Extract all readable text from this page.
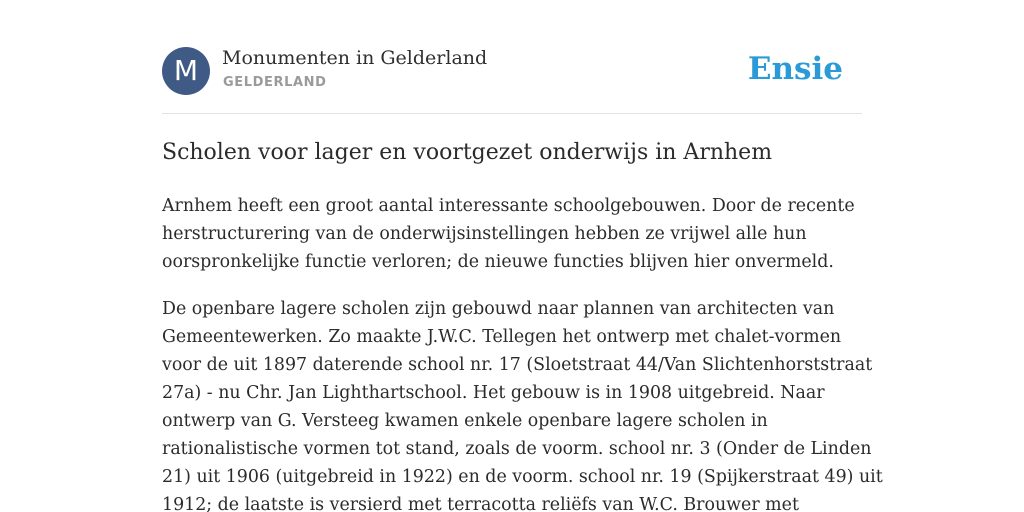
M	Monumenten in Gelderland
GELDERLAND	Ensie
Scholen voor lager en voortgezet onderwijs in Arnhem

Arnhem heeft een groot aantal interessante schoolgebouwen. Door de recente
herstructurering van de onderwijsinstellingen hebben ze vrijwel alle hun
oorspronkelijke functie verloren; de nieuwe functies blijven hier onvermeld.

De openbare lagere scholen zijn gebouwd naar plannen van architecten van
Gemeentewerken. Zo maakte J.W.C. Tellegen het ontwerp met chalet-vormen
voor de uit 1897 daterende school nr. 17 (Sloetstraat 44/Van Slichtenhorststraat
27a) - nu Chr. Jan Lighthartschool. Het gebouw is in 1908 uitgebreid. Naar
ontwerp van G. Versteeg kwamen enkele openbare lagere scholen in
rationalistische vormen tot stand, zoals de voorm. school nr. 3 (Onder de Linden
21) uit 1906 (uitgebreid in 1922) en de voorm. school nr. 19 (Spijkerstraat 49) uit
1912; de laatste is versierd met terracotta reliëfs van W.C. Brouwer met
